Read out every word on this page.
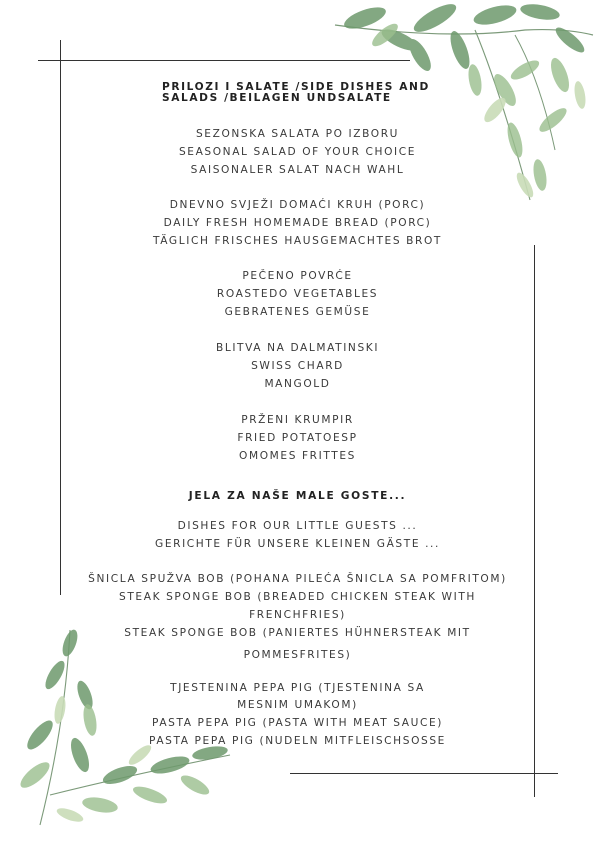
PRILOZI I SALATE /SIDE DISHES AND
SALADS /BEILAGEN UNDSALATE
SEZONSKA SALATA PO IZBORU
SEASONAL SALAD OF YOUR CHOICE
SAISONALER SALAT NACH WAHL
DNEVNO SVJEŽI DOMAĆI KRUH (PORC)
DAILY FRESH HOMEMADE BREAD (PORC)
TÄGLICH FRISCHES HAUSGEMACHTES BROT
PEČENO POVRĆE
ROASTEDO VEGETABLES
GEBRATENES GEMÜSE
BLITVA NA DALMATINSKI
SWISS CHARD
MANGOLD
PRŽENI KRUMPIR
FRIED POTATOESP
OMOMES FRITTES
JELA ZA NAŠE MALE GOSTE...
DISHES FOR OUR LITTLE GUESTS ...
GERICHTE FÜR UNSERE KLEINEN GÄSTE ...
ŠNICLA SPUŽVA BOB (POHANA PILEĆA ŠNICLA SA POMFRITOM)
STEAK SPONGE BOB (BREADED CHICKEN STEAK WITH
FRENCHFRIES)
STEAK SPONGE BOB (PANIERTES HÜHNERSTEAK MIT
POMMESFRITES)
TJESTENINA PEPA PIG (TJESTENINA SA
MESNIM UMAKOM)
PASTA PEPA PIG (PASTA WITH MEAT SAUCE)
PASTA PEPA PIG (NUDELN MITFLEISCHSOSSE
